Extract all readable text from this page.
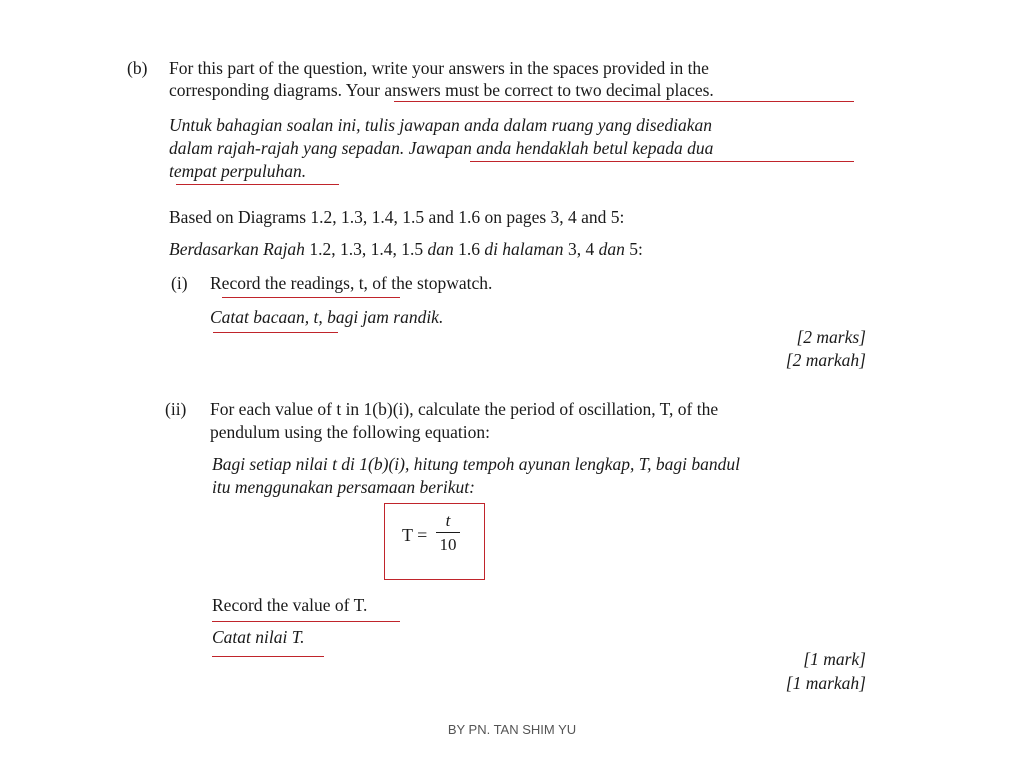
(b) For this part of the question, write your answers in the spaces provided in the
corresponding diagrams. Your answers must be correct to two decimal places.
Untuk bahagian soalan ini, tulis jawapan anda dalam ruang yang disediakan
dalam rajah-rajah yang sepadan. Jawapan anda hendaklah betul kepada dua
tempat perpuluhan.
Based on Diagrams 1.2, 1.3, 1.4, 1.5 and 1.6 on pages 3, 4 and 5:
Berdasarkan Rajah 1.2, 1.3, 1.4, 1.5 dan 1.6 di halaman 3, 4 dan 5:
(i) Record the readings, t, of the stopwatch.
Catat bacaan, t, bagi jam randik.
[2 marks]
[2 markah]
(ii) For each value of t in 1(b)(i), calculate the period of oscillation, T, of the
pendulum using the following equation:
Bagi setiap nilai t di 1(b)(i), hitung tempoh ayunan lengkap, T, bagi bandul
itu menggunakan persamaan berikut:
T =
t
10
Record the value of T.
Catat nilai T.
[1 mark]
[1 markah]
BY PN. TAN SHIM YU
